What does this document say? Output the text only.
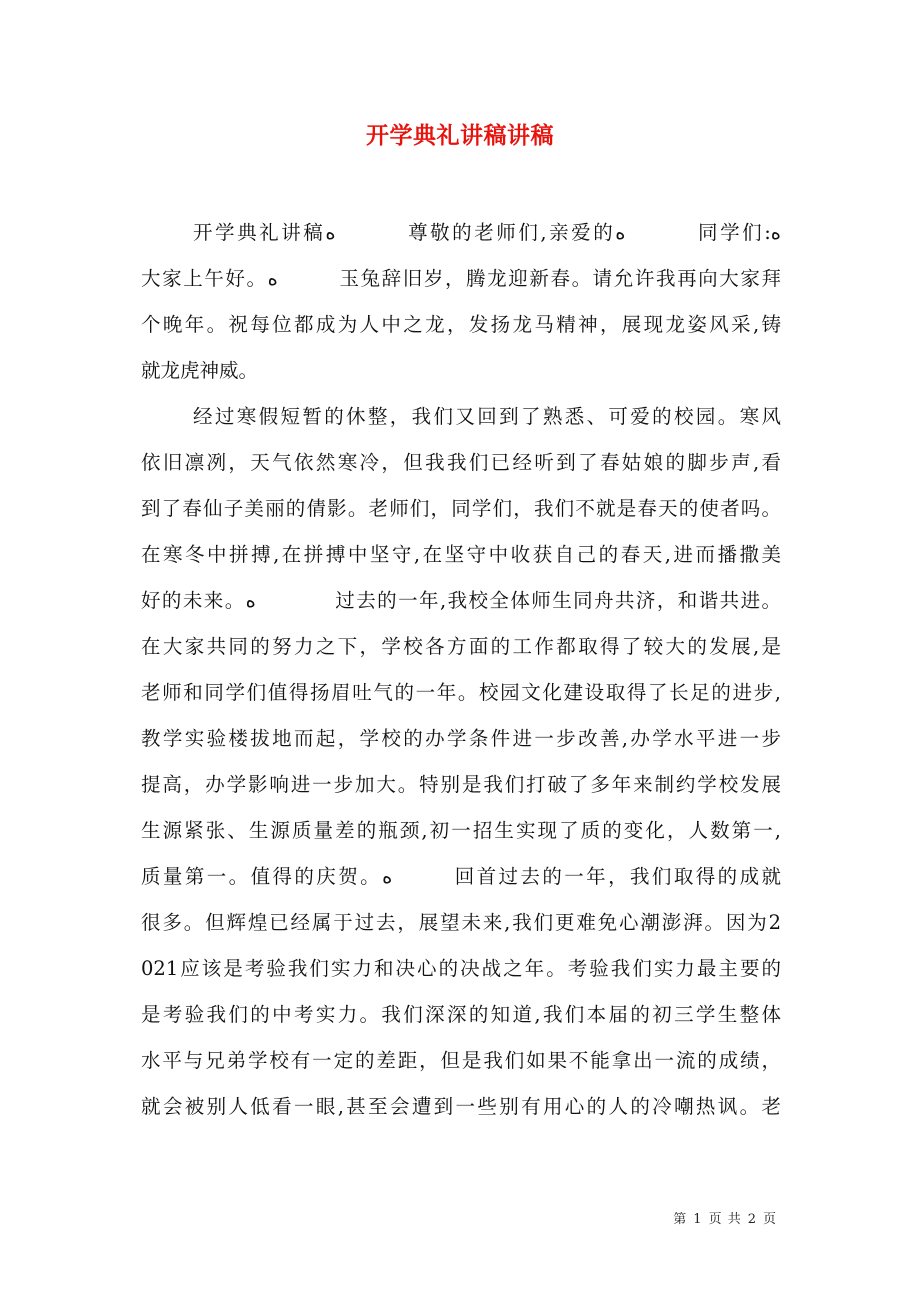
开学典礼讲稿讲稿
开学典礼讲稿ﻩ	尊敬的老师们,亲爱的ﻩ	同学们:ﻩ
大家上午好。ﻩ	玉兔辞旧岁，腾龙迎新春。请允许我再向大家拜
个晚年。祝每位都成为人中之龙，发扬龙马精神，展现龙姿风采,铸
就龙虎神威。
经过寒假短暂的休整，我们又回到了熟悉、可爱的校园。寒风
依旧凛冽，天气依然寒冷，但我我们已经听到了春姑娘的脚步声,看
到了春仙子美丽的倩影。老师们，同学们，我们不就是春天的使者吗。
在寒冬中拼搏,在拼搏中坚守,在坚守中收获自己的春天,进而播撒美
好的未来。ﻩ	过去的一年,我校全体师生同舟共济，和谐共进。
在大家共同的努力之下，学校各方面的工作都取得了较大的发展,是
老师和同学们值得扬眉吐气的一年。校园文化建设取得了长足的进步,
教学实验楼拔地而起，学校的办学条件进一步改善,办学水平进一步
提高，办学影响进一步加大。特别是我们打破了多年来制约学校发展
生源紧张、生源质量差的瓶颈,初一招生实现了质的变化，人数第一,
质量第一。值得的庆贺。ﻩ	回首过去的一年，我们取得的成就
很多。但辉煌已经属于过去，展望未来,我们更难免心潮澎湃。因为2
021应该是考验我们实力和决心的决战之年。考验我们实力最主要的
是考验我们的中考实力。我们深深的知道,我们本届的初三学生整体
水平与兄弟学校有一定的差距，但是我们如果不能拿出一流的成绩，
就会被别人低看一眼,甚至会遭到一些别有用心的人的冷嘲热讽。老
第 1 页 共 2 页
